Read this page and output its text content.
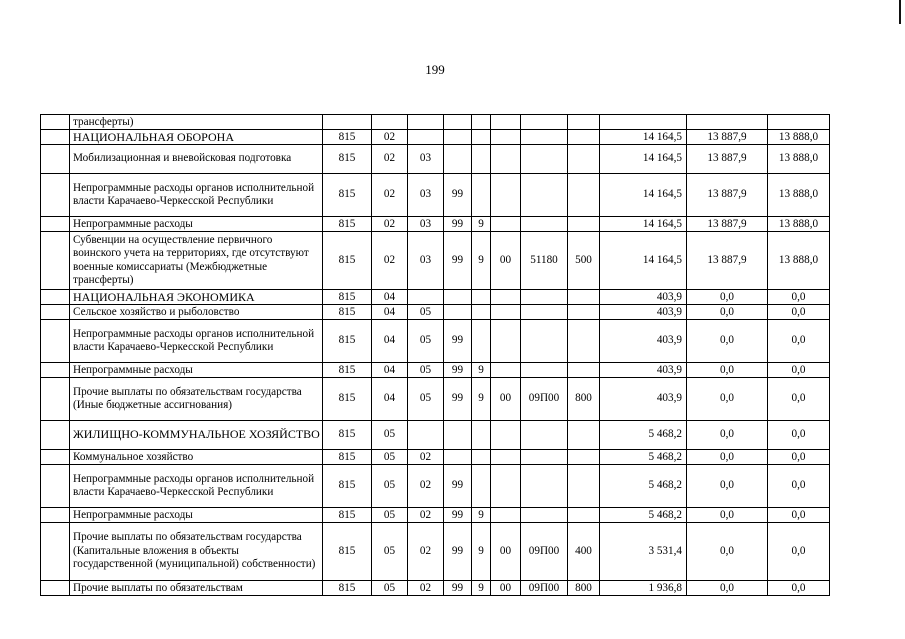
199
	трансферты)											
	НАЦИОНАЛЬНАЯ ОБОРОНА	815	02							14 164,5	13 887,9	13 888,0
	Мобилизационная и вневойсковая подготовка	815	02	03						14 164,5	13 887,9	13 888,0
	Непрограммные расходы органов исполнительной власти Карачаево-Черкесской Республики	815	02	03	99					14 164,5	13 887,9	13 888,0
	Непрограммные расходы	815	02	03	99	9				14 164,5	13 887,9	13 888,0
	Субвенции на осуществление первичного воинского учета на территориях, где отсутствуют военные комиссариаты (Межбюджетные трансферты)	815	02	03	99	9	00	51180	500	14 164,5	13 887,9	13 888,0
	НАЦИОНАЛЬНАЯ ЭКОНОМИКА	815	04							403,9	0,0	0,0
	Сельское хозяйство и рыболовство	815	04	05						403,9	0,0	0,0
	Непрограммные расходы органов исполнительной власти Карачаево-Черкесской Республики	815	04	05	99					403,9	0,0	0,0
	Непрограммные расходы	815	04	05	99	9				403,9	0,0	0,0
	Прочие выплаты по обязательствам государства (Иные бюджетные ассигнования)	815	04	05	99	9	00	09П00	800	403,9	0,0	0,0
	ЖИЛИЩНО-КОММУНАЛЬНОЕ ХОЗЯЙСТВО	815	05							5 468,2	0,0	0,0
	Коммунальное хозяйство	815	05	02						5 468,2	0,0	0,0
	Непрограммные расходы органов исполнительной власти Карачаево-Черкесской Республики	815	05	02	99					5 468,2	0,0	0,0
	Непрограммные расходы	815	05	02	99	9				5 468,2	0,0	0,0
	Прочие выплаты по обязательствам государства (Капитальные вложения в объекты государственной (муниципальной) собственности)	815	05	02	99	9	00	09П00	400	3 531,4	0,0	0,0
	Прочие выплаты по обязательствам	815	05	02	99	9	00	09П00	800	1 936,8	0,0	0,0
